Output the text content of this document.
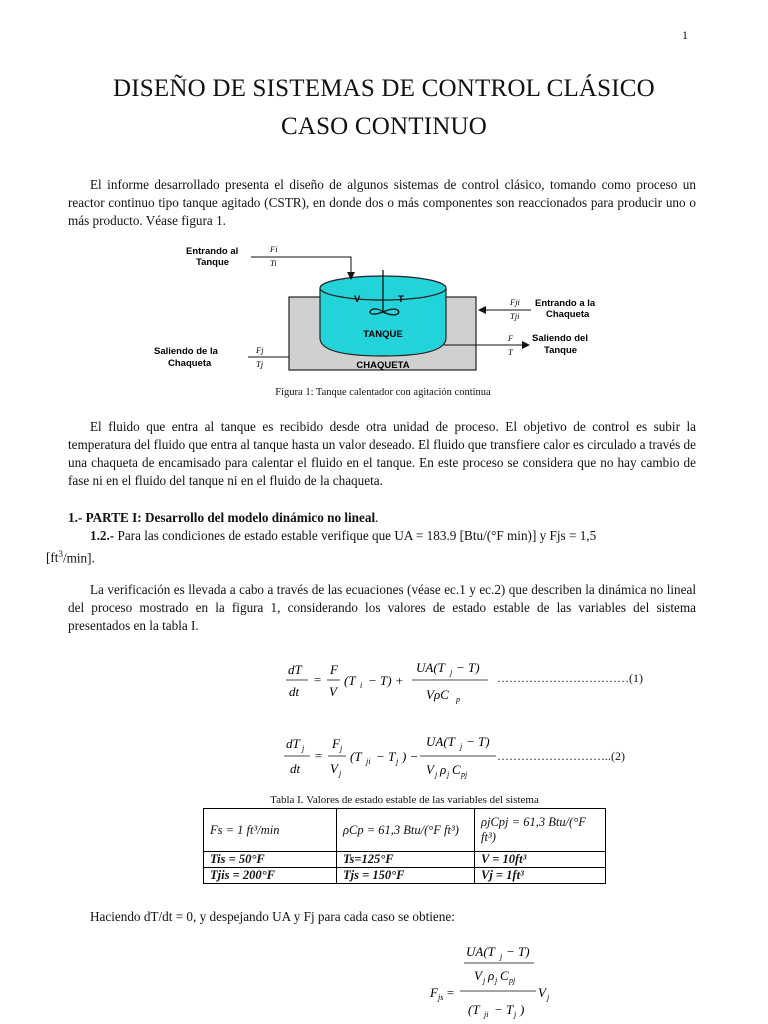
1
DISEÑO DE SISTEMAS DE CONTROL CLÁSICO
CASO CONTINUO
El informe desarrollado presenta el diseño de algunos sistemas de control clásico, tomando como proceso un reactor continuo tipo tanque agitado (CSTR), en donde dos o más componentes son reaccionados para producir uno o más producto. Véase figura 1.
V	T
TANQUE
CHAQUETA
Entrando al
Tanque
Fi
Ti
Entrando a la
Chaqueta
Fji
Tji
Saliendo del
Tanque
F
T
Saliendo de la
Chaqueta
Fj
Tj
Figura 1: Tanque calentador con agitación continua
El fluido que entra al tanque es recibido desde otra unidad de proceso. El objetivo de control es subir la temperatura del fluido que entra al tanque hasta un valor deseado. El fluido que transfiere calor es circulado a través de una chaqueta de encamisado para calentar el fluido en el tanque. En este proceso se considera que no hay cambio de fase ni en el fluido del tanque ni en el fluido de la chaqueta.
1.- PARTE I: Desarrollo del modelo dinámico no lineal.
1.2.- Para las condiciones de estado estable verifique que UA = 183.9 [Btu/(°F min)] y Fjs = 1,5
$[ft^3/\min]$.
La verificación es llevada a cabo a través de las ecuaciones (véase ec.1 y ec.2) que describen la dinámica no lineal del proceso mostrado en la figura 1, considerando los valores de estado estable de las variables del sistema presentados en la tabla I.
dT
dt
=
F
V
(T i − T) +
UA(T j − T)
VρC p
……………………………(1)
dT j
dt
=
F j
V j
(T ji − T j ) −
UA(T j − T)
V j ρ j C pj
………………………..(2)
Tabla I. Valores de estado estable de las variables del sistema
Fs = 1 ft³/min	ρCp = 61,3 Btu/(°F ft³)	ρjCpj = 61,3 Btu/(°F ft³)
Tis = 50°F	Ts=125°F	V = 10ft³
Tjis = 200°F	Tjs = 150°F	Vj = 1ft³
Haciendo dT/dt = 0, y despejando UA y Fj para cada caso se obtiene:
UA(T j − T)
V j ρ j C pj
F js =	V j
(T ji − T j )
